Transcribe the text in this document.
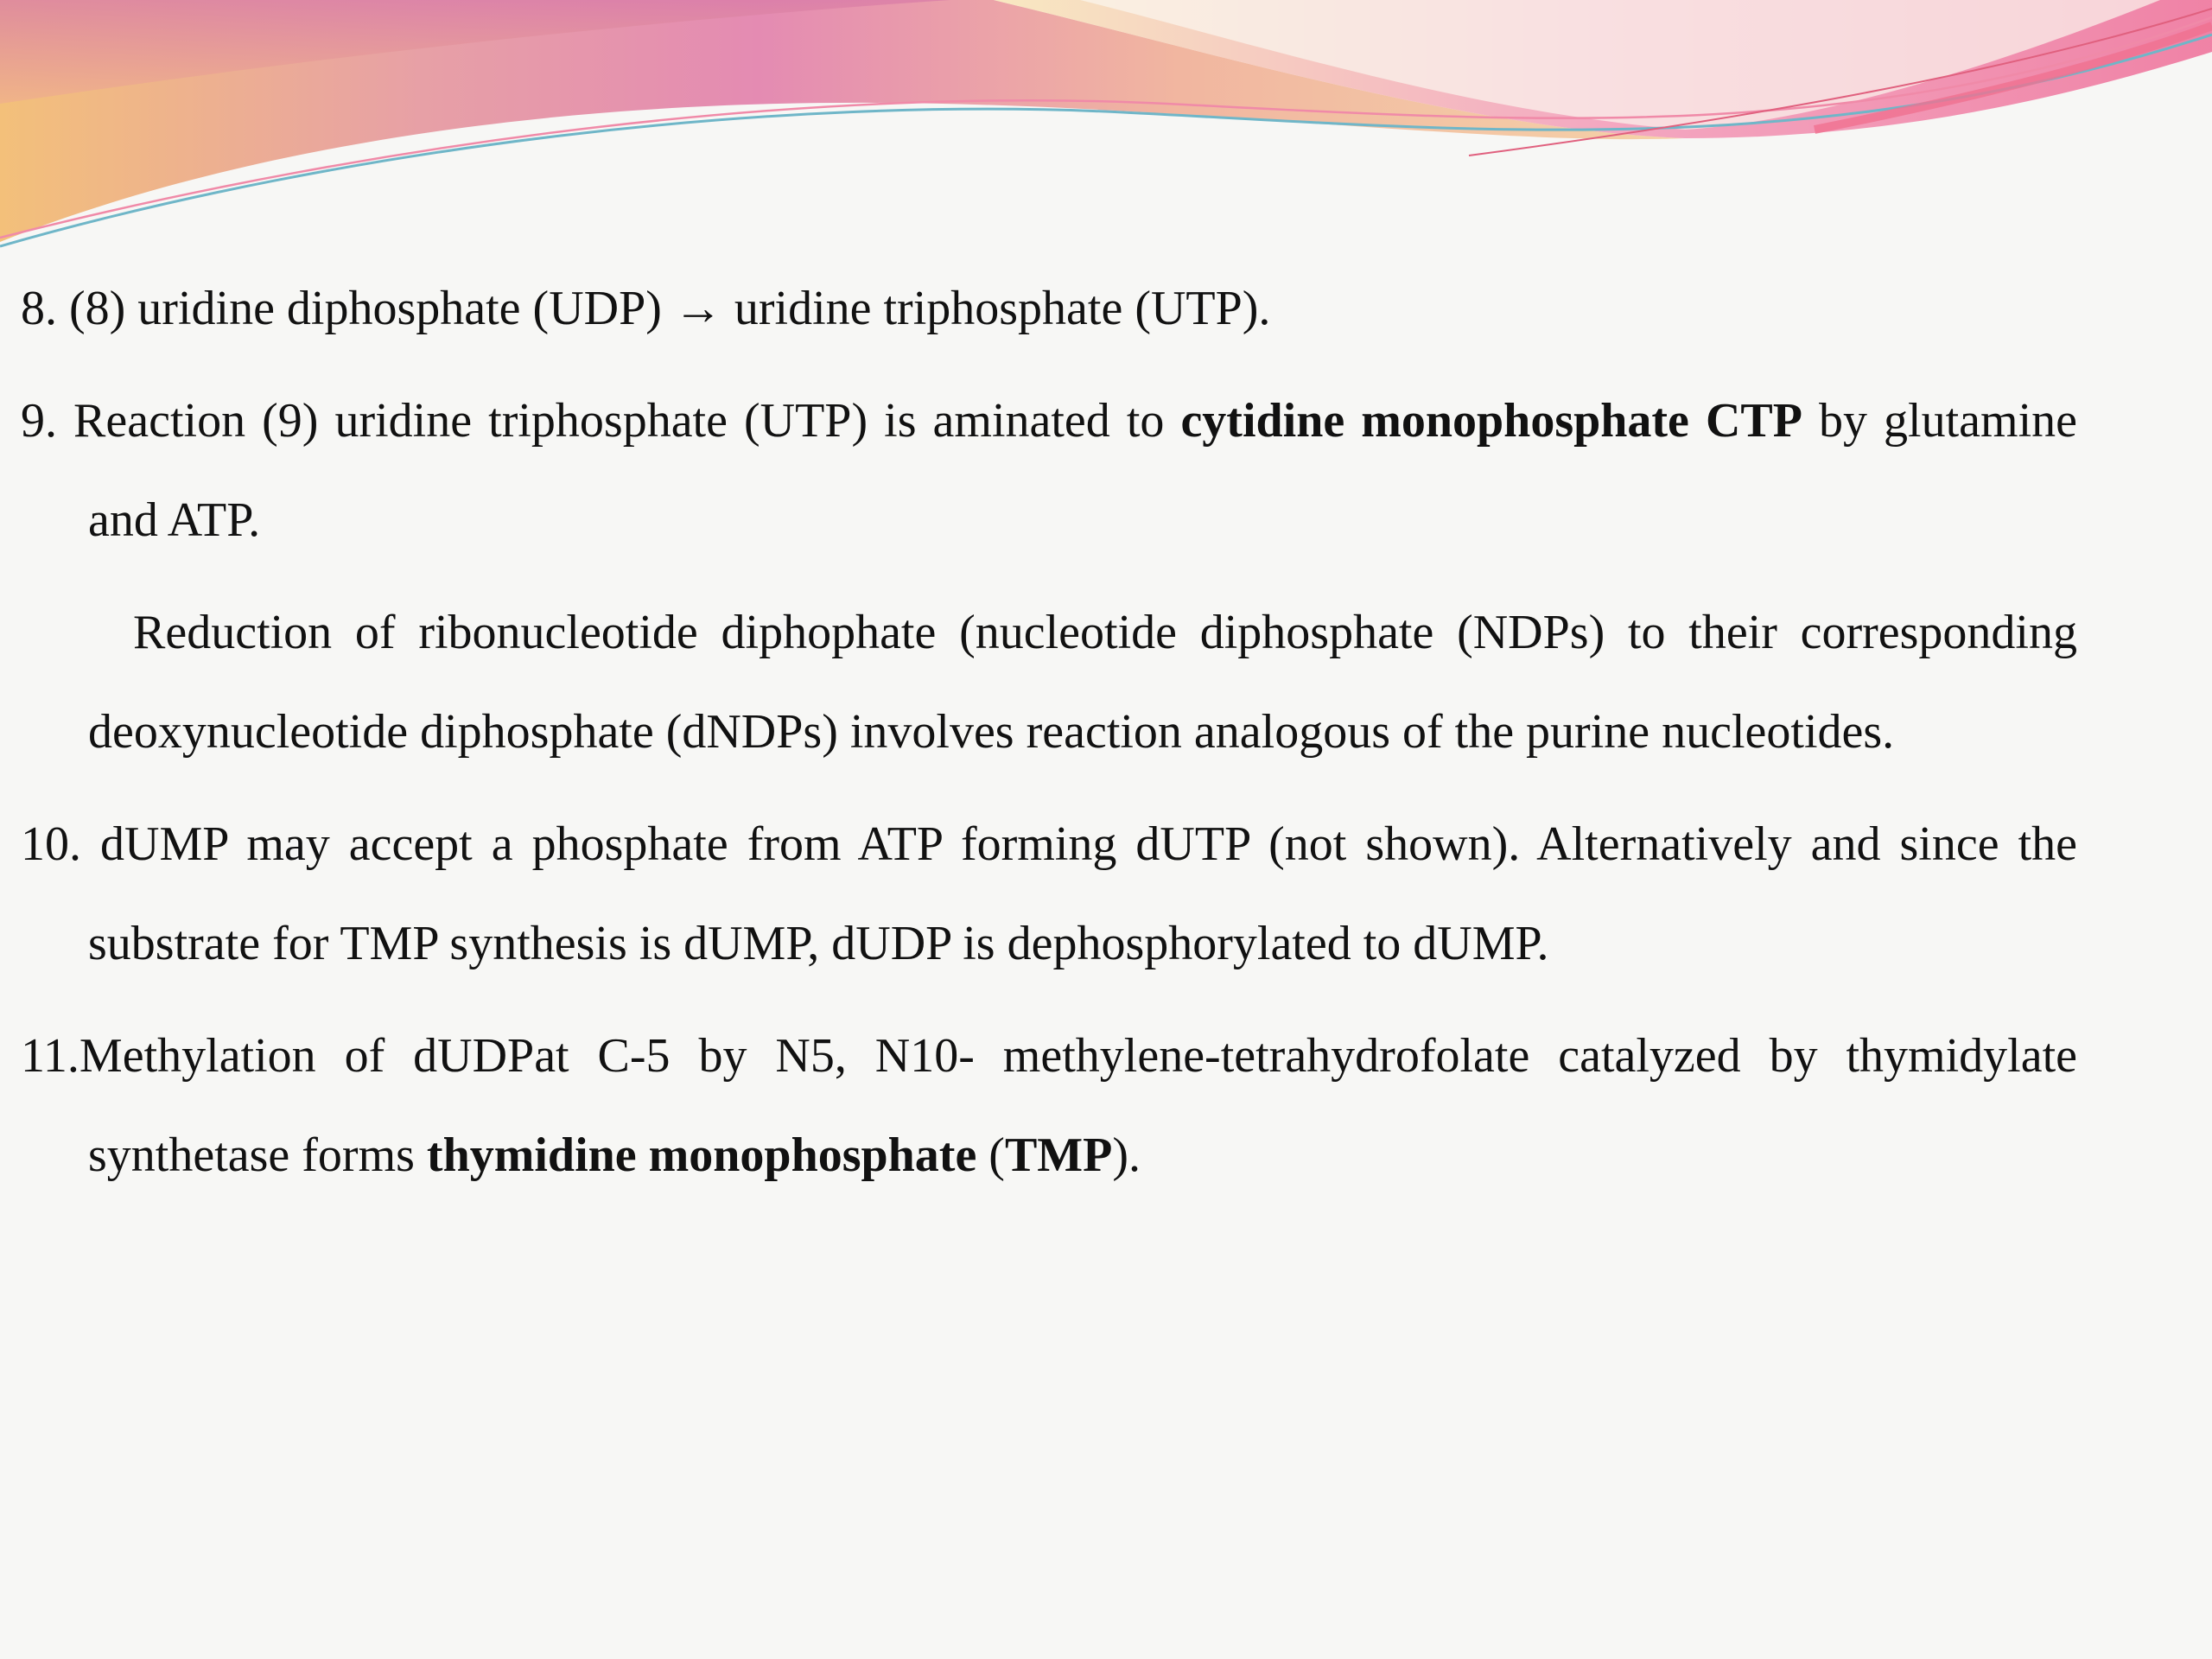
8. (8) uridine diphosphate (UDP) → uridine triphosphate (UTP).

9. Reaction (9) uridine triphosphate (UTP) is aminated to cytidine monophosphate CTP by glutamine and ATP.

Reduction of ribonucleotide diphophate (nucleotide diphosphate (NDPs) to their corresponding deoxynucleotide diphosphate (dNDPs) involves reaction analogous of the purine nucleotides.

10. dUMP may accept a phosphate from ATP forming dUTP (not shown). Alternatively and since the substrate for TMP synthesis is dUMP, dUDP is dephosphorylated to dUMP.

11.Methylation of dUDPat C-5 by N5, N10- methylene-tetrahydrofolate catalyzed by thymidylate synthetase forms thymidine monophosphate (TMP).
